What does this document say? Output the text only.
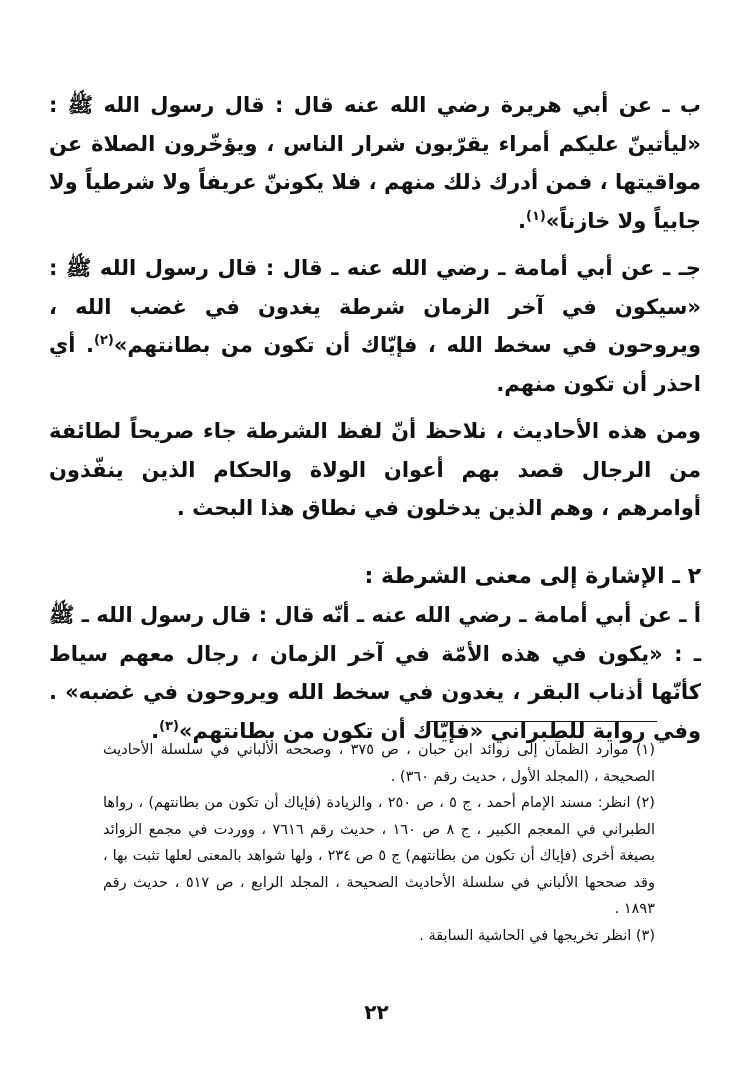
ب ـ عن أبي هريرة رضي الله عنه قال : قال رسول الله ﷺ : «ليأتينّ عليكم أمراء يقرّبون شرار الناس ، ويؤخّرون الصلاة عن مواقيتها ، فمن أدرك ذلك منهم ، فلا يكوننّ عريفاً ولا شرطياً ولا جابياً ولا خازناً»$^{(١)}$.

جـ ـ عن أبي أمامة ـ رضي الله عنه ـ قال : قال رسول الله ﷺ : «سيكون في آخر الزمان شرطة يغدون في غضب الله ، ويروحون في سخط الله ، فإيّاك أن تكون من بطانتهم»$^{(٢)}$. أي احذر أن تكون منهم.

ومن هذه الأحاديث ، نلاحظ أنّ لفظ الشرطة جاء صريحاً لطائفة من الرجال قصد بهم أعوان الولاة والحكام الذين ينفّذون أوامرهم ، وهم الذين يدخلون في نطاق هذا البحث .

٢ ـ الإشارة إلى معنى الشرطة :

أ ـ عن أبي أمامة ـ رضي الله عنه ـ أنّه قال : قال رسول الله ـ ﷺ ـ : «يكون في هذه الأمّة في آخر الزمان ، رجال معهم سياط كأنّها أذناب البقر ، يغدون في سخط الله ويروحون في غضبه» . وفي رواية للطبراني «فإيّاك أن تكون من بطانتهم»$^{(٣)}$.

(١) موارد الظمآن إلى زوائد ابن حبان ، ص ٣٧٥ ، وصححه الألباني في سلسلة الأحاديث الصحيحة ، (المجلد الأول ، حديث رقم ٣٦٠) .

(٢) انظر: مسند الإمام أحمد ، ج ٥ ، ص ٢٥٠ ، والزيادة (فإياك أن تكون من بطانتهم) ، رواها الطبراني في المعجم الكبير ، ج ٨ ص ١٦٠ ، حديث رقم ٧٦١٦ ، ووردت في مجمع الزوائد بصيغة أخرى (فإياك أن تكون من بطانتهم) ج ٥ ص ٢٣٤ ، ولها شواهد بالمعنى لعلها تثبت بها ، وقد صححها الألباني في سلسلة الأحاديث الصحيحة ، المجلد الرابع ، ص ٥١٧ ، حديث رقم ١٨٩٣ .

(٣) انظر تخريجها في الحاشية السابقة .

٢٢
